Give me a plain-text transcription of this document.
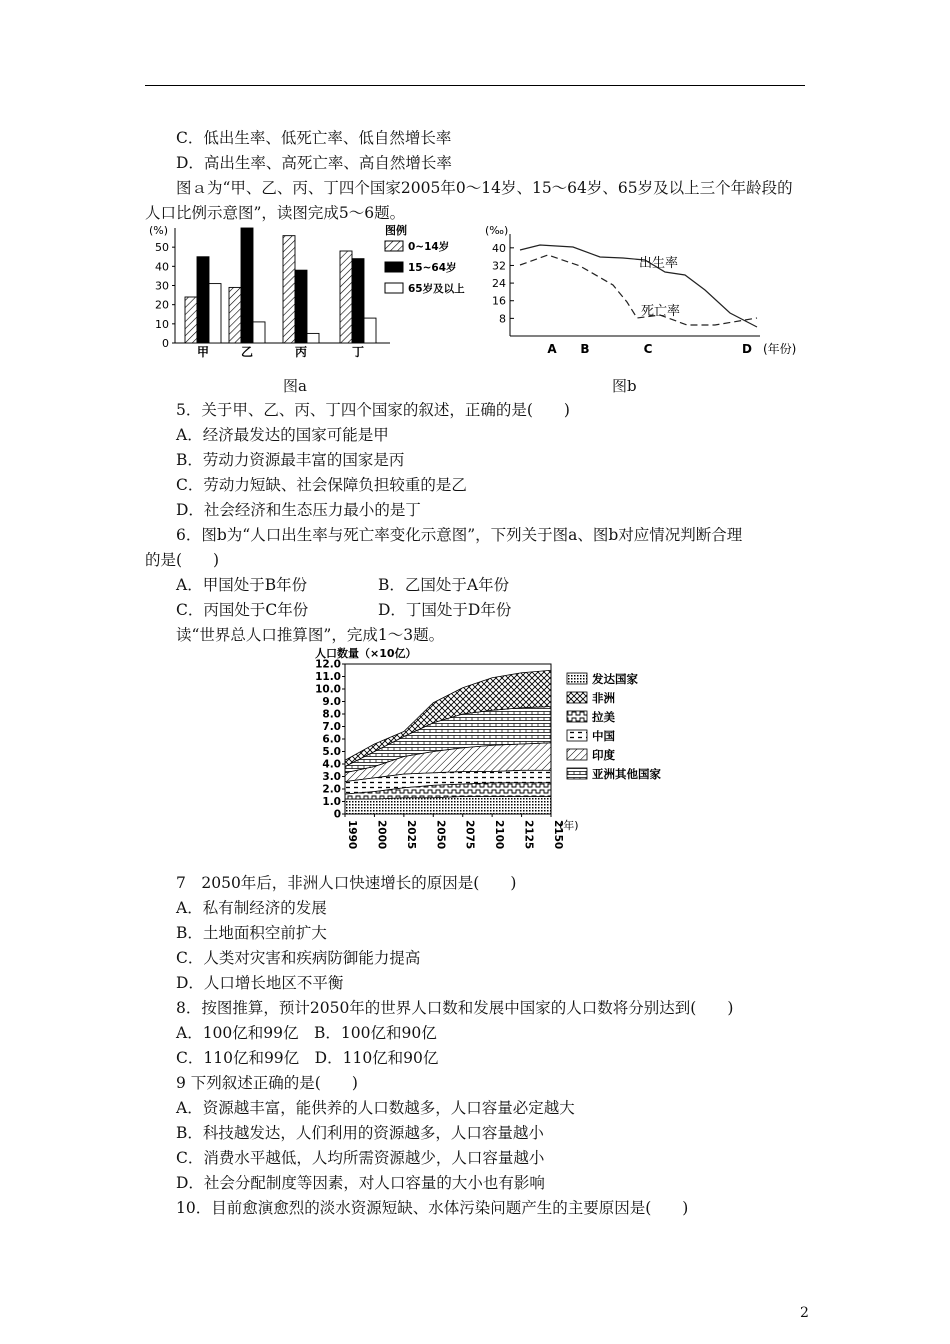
C．低出生率、低死亡率、低自然增长率
D．高出生率、高死亡率、高自然增长率
图ａ为“甲、乙、丙、丁四个国家2005年0～14岁、15～64岁、65岁及以上三个年龄段的
人口比例示意图”，读图完成5～6题。
(%)
50
40
30
20
10
0
甲	乙	丙	丁
图例
0~14岁
15~64岁
65岁及以上
(‰)
40
32
24
16
8
A B	C	D
出生率
死亡率
(年份)
图a	图b
5．关于甲、乙、丙、丁四个国家的叙述，正确的是(　　)
A．经济最发达的国家可能是甲
B．劳动力资源最丰富的国家是丙
C．劳动力短缺、社会保障负担较重的是乙
D．社会经济和生态压力最小的是丁
6．图b为“人口出生率与死亡率变化示意图”，下列关于图a、图b对应情况判断合理
的是(　　)
A．甲国处于B年份	B．乙国处于A年份
C．丙国处于C年份	D．丁国处于D年份
读“世界总人口推算图”，完成1～3题。
人口数量（×10亿）
12.0
11.0
10.0
9.0
8.0
7.0
6.0
5.0
4.0
3.0
2.0
1.0
0
1990 2000 2025 2050 2075 2100 2125 2150
(年)
发达国家
非洲
拉美
中国
印度
亚洲其他国家
7　2050年后，非洲人口快速增长的原因是(　　)
A．私有制经济的发展
B．土地面积空前扩大
C．人类对灾害和疾病防御能力提高
D．人口增长地区不平衡
8．按图推算，预计2050年的世界人口数和发展中国家的人口数将分别达到(　　)
A．100亿和99亿　B．100亿和90亿
C．110亿和99亿　D．110亿和90亿
9 下列叙述正确的是(　　)
A．资源越丰富，能供养的人口数越多，人口容量必定越大
B．科技越发达，人们利用的资源越多，人口容量越小
C．消费水平越低，人均所需资源越少，人口容量越小
D．社会分配制度等因素，对人口容量的大小也有影响
10．目前愈演愈烈的淡水资源短缺、水体污染问题产生的主要原因是(　　)
2
